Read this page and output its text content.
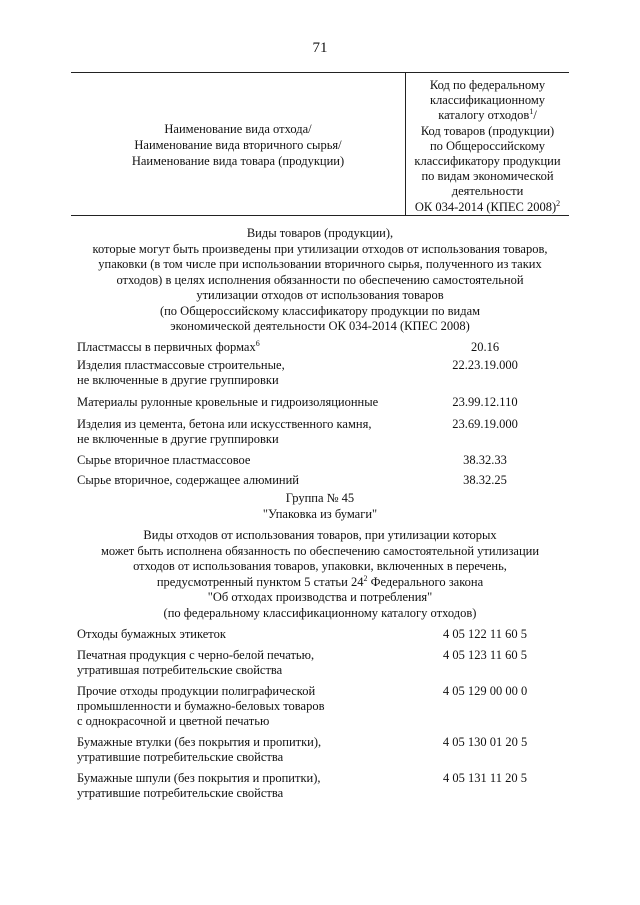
71
Наименование вида отхода/
Наименование вида вторичного сырья/
Наименование вида товара (продукции)
Код по федеральному
классификационному
каталогу отходов$^1$/
Код товаров (продукции)
по Общероссийскому
классификатору продукции
по видам экономической
деятельности
ОК 034-2014 (КПЕС 2008)$^2$
Виды товаров (продукции),
которые могут быть произведены при утилизации отходов от использования товаров,
упаковки (в том числе при использовании вторичного сырья, полученного из таких
отходов) в целях исполнения обязанности по обеспечению самостоятельной
утилизации отходов от использования товаров
(по Общероссийскому классификатору продукции по видам
экономической деятельности ОК 034-2014 (КПЕС 2008)
Пластмассы в первичных формах$^6$	20.16
Изделия пластмассовые строительные,
не включенные в другие группировки
22.23.19.000
Материалы рулонные кровельные и гидроизоляционные	23.99.12.110
Изделия из цемента, бетона или искусственного камня,
не включенные в другие группировки
23.69.19.000
Сырье вторичное пластмассовое	38.32.33
Сырье вторичное, содержащее алюминий	38.32.25
Группа № 45
"Упаковка из бумаги"
Виды отходов от использования товаров, при утилизации которых
может быть исполнена обязанность по обеспечению самостоятельной утилизации
отходов от использования товаров, упаковки, включенных в перечень,
предусмотренный пунктом 5 статьи $24^2$ Федерального закона
"Об отходах производства и потребления"
(по федеральному классификационному каталогу отходов)
Отходы бумажных этикеток	4 05 122 11 60 5
Печатная продукция с черно-белой печатью,
утратившая потребительские свойства
4 05 123 11 60 5
Прочие отходы продукции полиграфической
промышленности и бумажно-беловых товаров
с однокрасочной и цветной печатью
4 05 129 00 00 0
Бумажные втулки (без покрытия и пропитки),
утратившие потребительские свойства
4 05 130 01 20 5
Бумажные шпули (без покрытия и пропитки),
утратившие потребительские свойства
4 05 131 11 20 5
